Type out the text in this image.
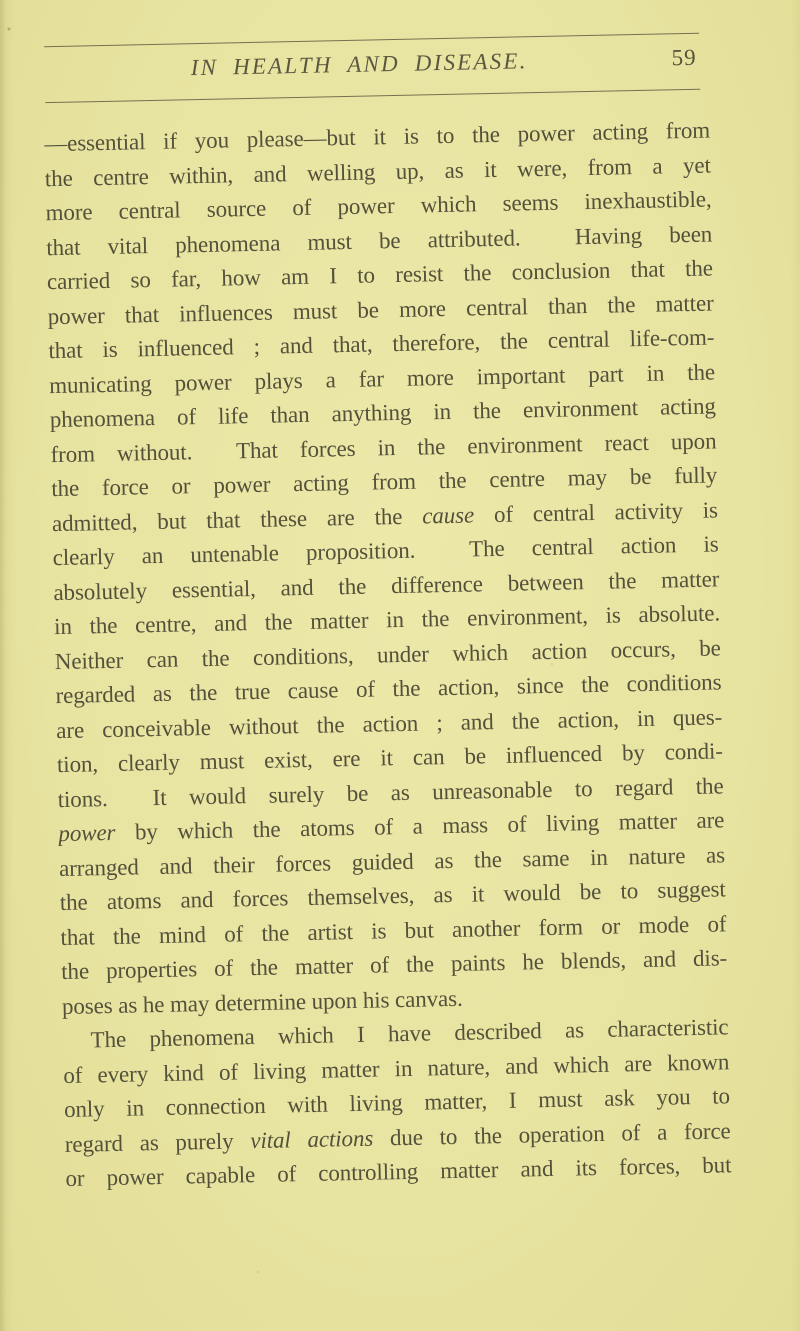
IN HEALTH AND DISEASE.	59
—essential if you please—but it is to the power acting from
the centre within, and welling up, as it were, from a yet
more central source of power which seems inexhaustible,
that vital phenomena must be attributed.  Having been
carried so far, how am I to resist the conclusion that the
power that influences must be more central than the matter
that is influenced ; and that, therefore, the central life-com-
municating power plays a far more important part in the
phenomena of life than anything in the environment acting
from without.  That forces in the environment react upon
the force or power acting from the centre may be fully
admitted, but that these are the cause of central activity is
clearly an untenable proposition.  The central action is
absolutely essential, and the difference between the matter
in the centre, and the matter in the environment, is absolute.
Neither can the conditions, under which action occurs, be
regarded as the true cause of the action, since the conditions
are conceivable without the action ; and the action, in ques-
tion, clearly must exist, ere it can be influenced by condi-
tions.  It would surely be as unreasonable to regard the
power by which the atoms of a mass of living matter are
arranged and their forces guided as the same in nature as
the atoms and forces themselves, as it would be to suggest
that the mind of the artist is but another form or mode of
the properties of the matter of the paints he blends, and dis-
poses as he may determine upon his canvas.
The phenomena which I have described as characteristic
of every kind of living matter in nature, and which are known
only in connection with living matter, I must ask you to
regard as purely vital actions due to the operation of a force
or power capable of controlling matter and its forces, but
